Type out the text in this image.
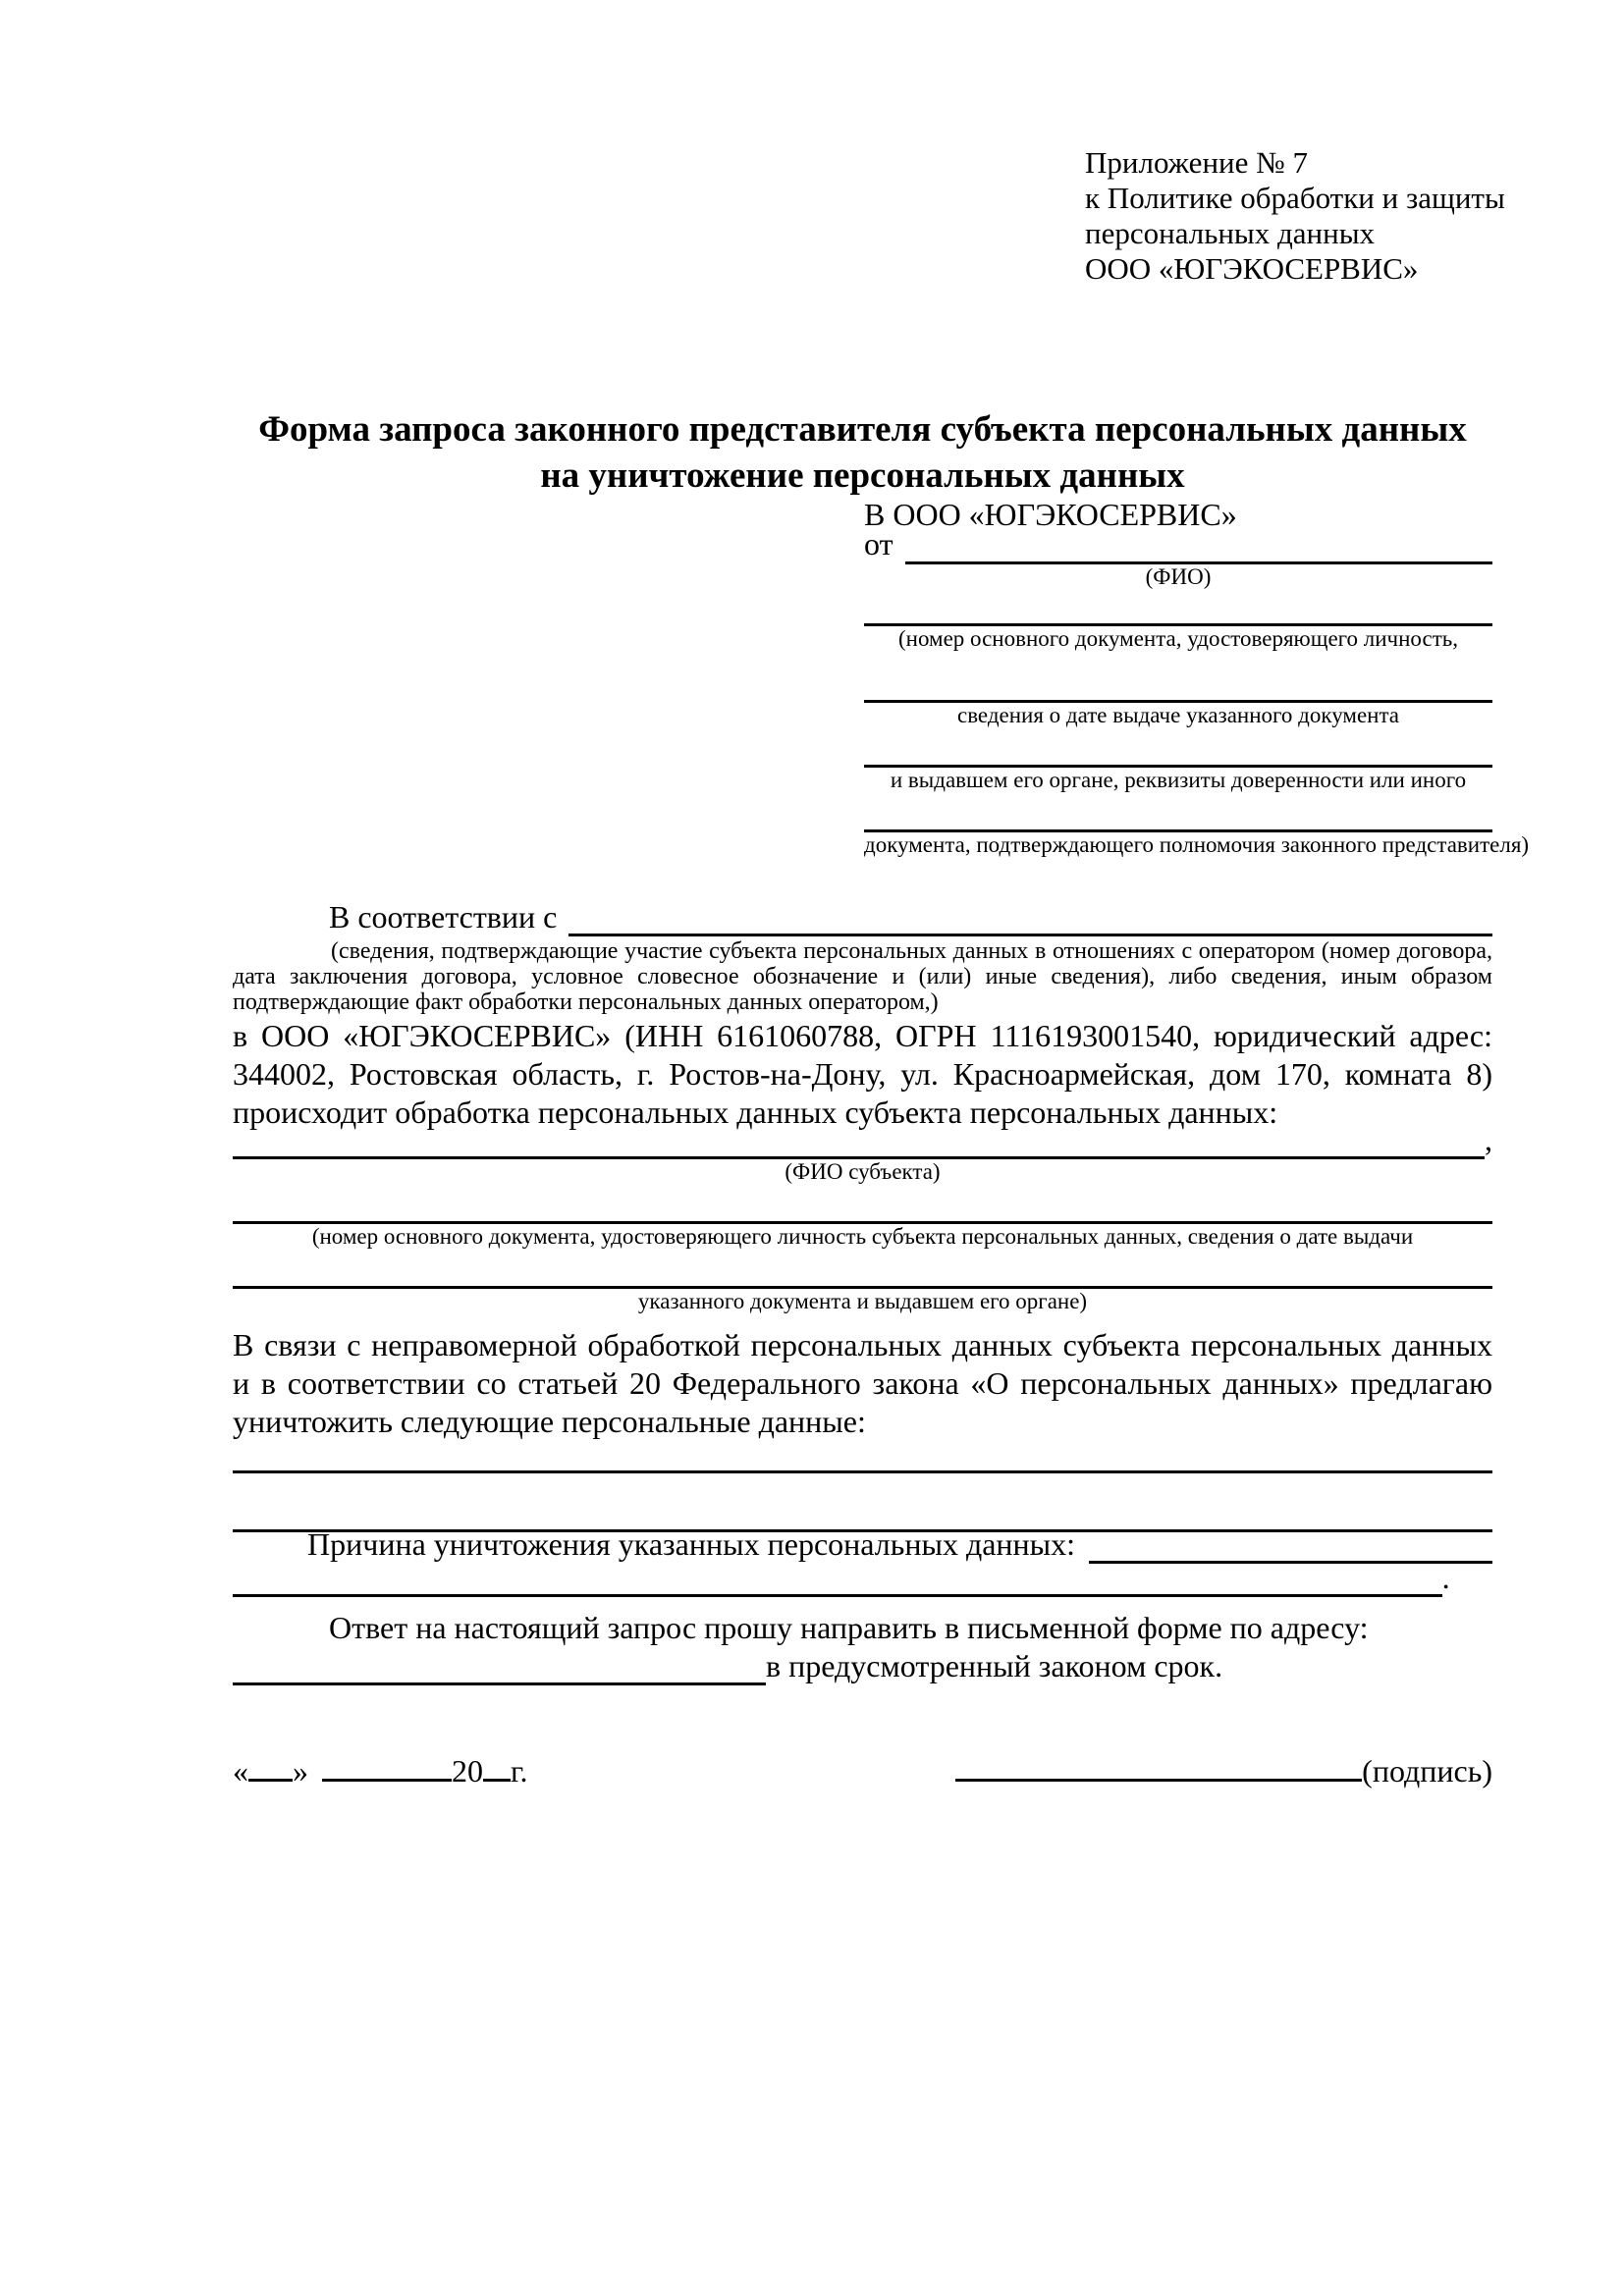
Приложение № 7
к Политике обработки и защиты
персональных данных
ООО «ЮГЭКОСЕРВИС»
Форма запроса законного представителя субъекта персональных данных
на уничтожение персональных данных
В ООО «ЮГЭКОСЕРВИС»
от
(ФИО)
(номер основного документа, удостоверяющего личность,
сведения о дате выдаче указанного документа
и выдавшем его органе, реквизиты доверенности или иного
документа, подтверждающего полномочия законного представителя)
В соответствии с
(сведения, подтверждающие участие субъекта персональных данных в отношениях с оператором (номер договора, дата заключения договора, условное словесное обозначение и (или) иные сведения), либо сведения, иным образом подтверждающие факт обработки персональных данных оператором,)
в ООО «ЮГЭКОСЕРВИС» (ИНН 6161060788, ОГРН 1116193001540, юридический адрес: 344002, Ростовская область, г. Ростов-на-Дону, ул. Красноармейская, дом 170, комната 8) происходит обработка персональных данных субъекта персональных данных:
,
(ФИО субъекта)
(номер основного документа, удостоверяющего личность субъекта персональных данных, сведения о дате выдачи
указанного документа и выдавшем его органе)
В связи с неправомерной обработкой персональных данных субъекта персональных данных и в соответствии со статьей 20 Федерального закона «О персональных данных» предлагаю уничтожить следующие персональные данные:
Причина уничтожения указанных персональных данных:
.
Ответ на настоящий запрос прошу направить в письменной форме по адресу:
в предусмотренный законом срок.
« »	20 г.	(подпись)
